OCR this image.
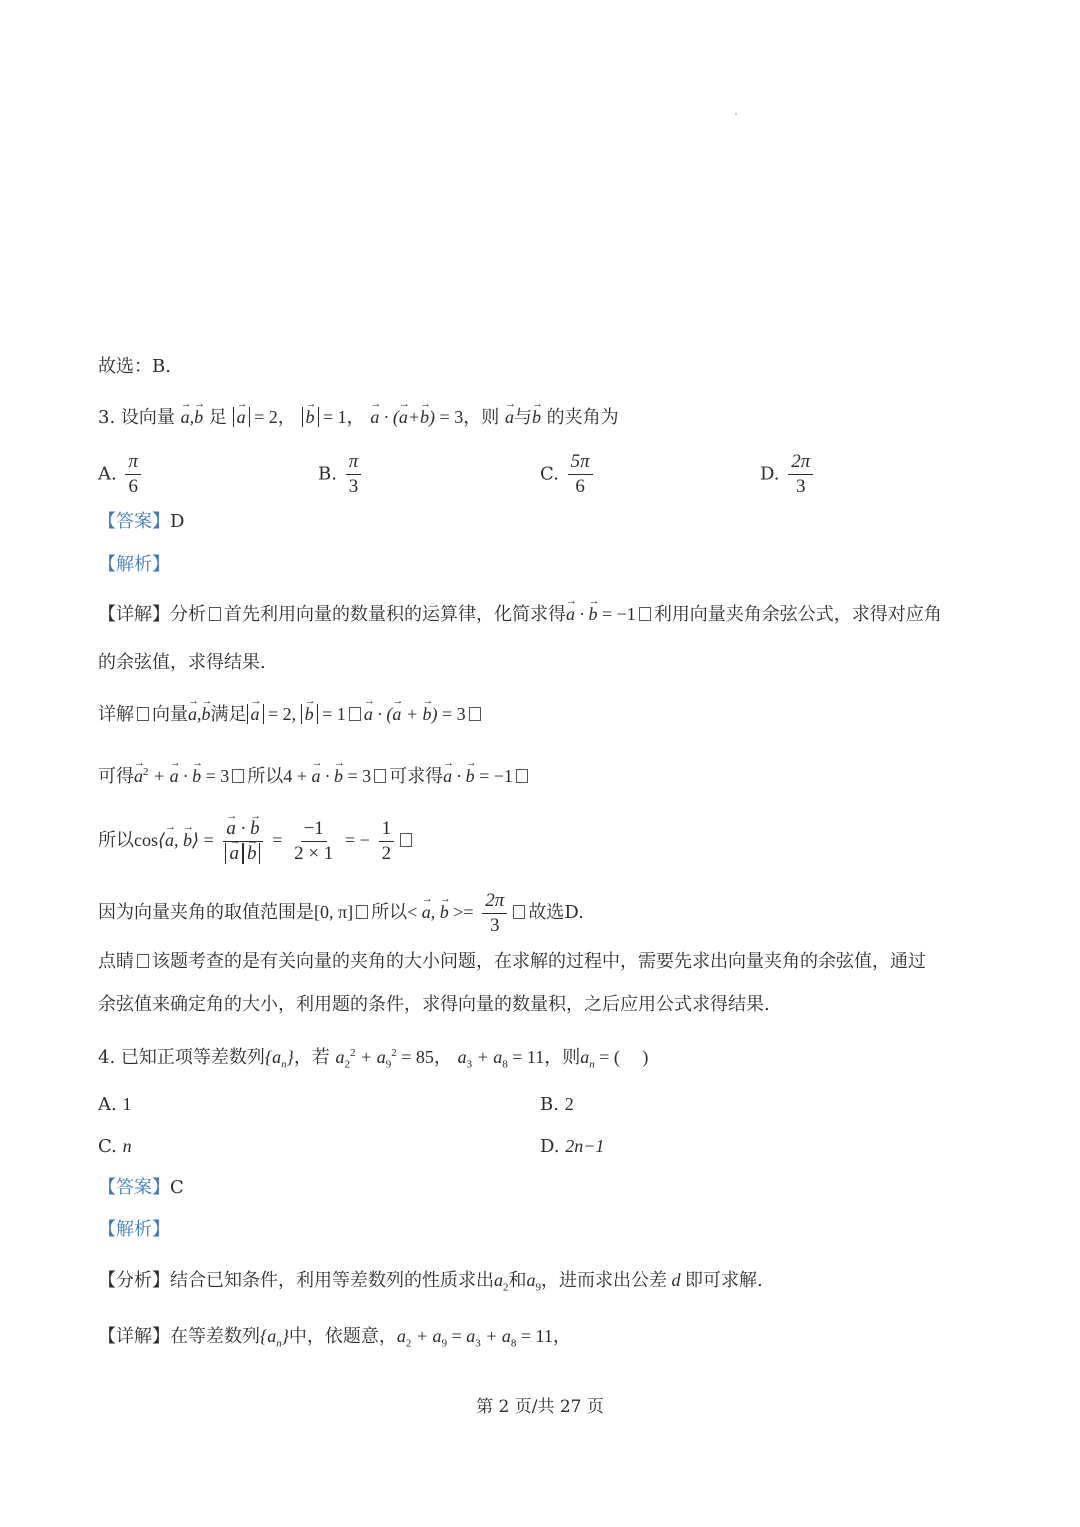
故选：B.
3. 设向量 → a,→ b 足 → a = 2， → b = 1， → a · (→ a+→ b) = 3，则 → a与→ b 的夹角为
A. $\frac{\pi}{6}$	B. $\frac{\pi}{3}$	C. $\frac{5\pi}{6}$	D. $\frac{2\pi}{3}$
【答案】D
【解析】
【详解】分析 首先利用向量的数量积的运算律，化简求得→ a · → b = −1 利用向量夹角余弦公式，求得对应角
的余弦值，求得结果.
详解 向量→ a,→ b满足 → a = 2, → b = 1 → a · (→ a + → b) = 3
可得→ $a^2$ + → a · → b = 3 所以4 + → a · → b = 3 可求得→ a · → b = −1
所以cos⟨→ a, → b⟩ = → a · → b
→ $a \to b = \frac{-1}{2 \times 1}$ = − $\frac{1}{2}$
因为向量夹角的取值范围是[0, π] 所以< → a, → $b >= \frac{2\pi}{3}$ 故选D.
点睛 该题考查的是有关向量的夹角的大小问题，在求解的过程中，需要先求出向量夹角的余弦值，通过
余弦值来确定角的大小，利用题的条件，求得向量的数量积，之后应用公式求得结果.
4. 已知正项等差数列$\{a_n\}$，若 $a_2^2 + a_9^2 = 85$， $a_3 + a_8 = 11$，则$a_n$ = (     )
A. 1	B. 2
C. n	D. 2n−1
【答案】C
【解析】
【分析】结合已知条件，利用等差数列的性质求出$a_2$和$a_9$，进而求出公差 d 即可求解.
【详解】在等差数列$\{a_n\}$中，依题意，$a_2 + a_9 = a_3 + a_8 = 11$，
第 2 页/共 27 页
